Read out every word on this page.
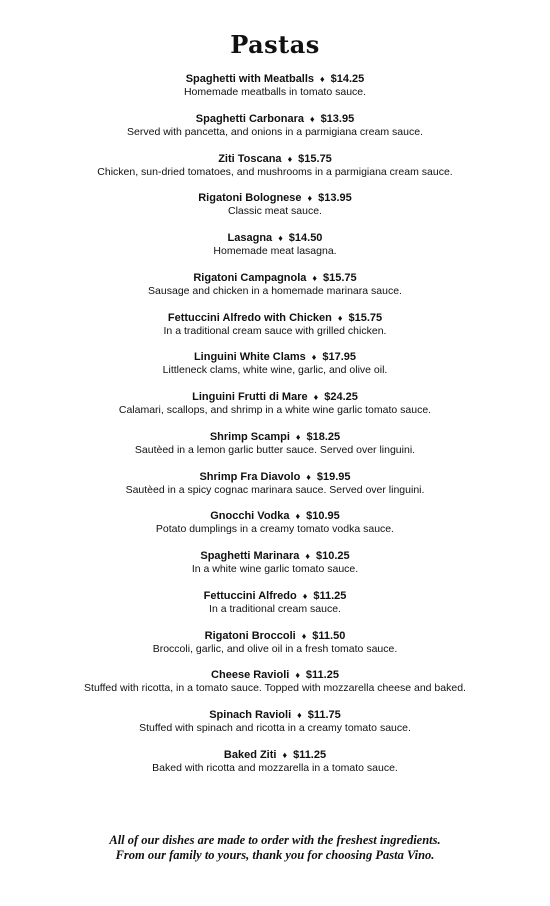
Pastas
Spaghetti with Meatballs ♦ $14.25
Homemade meatballs in tomato sauce.
Spaghetti Carbonara ♦ $13.95
Served with pancetta, and onions in a parmigiana cream sauce.
Ziti Toscana ♦ $15.75
Chicken, sun-dried tomatoes, and mushrooms in a parmigiana cream sauce.
Rigatoni Bolognese ♦ $13.95
Classic meat sauce.
Lasagna ♦ $14.50
Homemade meat lasagna.
Rigatoni Campagnola ♦ $15.75
Sausage and chicken in a homemade marinara sauce.
Fettuccini Alfredo with Chicken ♦ $15.75
In a traditional cream sauce with grilled chicken.
Linguini White Clams ♦ $17.95
Littleneck clams, white wine, garlic, and olive oil.
Linguini Frutti di Mare ♦ $24.25
Calamari, scallops, and shrimp in a white wine garlic tomato sauce.
Shrimp Scampi ♦ $18.25
Sautèed in a lemon garlic butter sauce. Served over linguini.
Shrimp Fra Diavolo ♦ $19.95
Sautèed in a spicy cognac marinara sauce. Served over linguini.
Gnocchi Vodka ♦ $10.95
Potato dumplings in a creamy tomato vodka sauce.
Spaghetti Marinara ♦ $10.25
In a white wine garlic tomato sauce.
Fettuccini Alfredo ♦ $11.25
In a traditional cream sauce.
Rigatoni Broccoli ♦ $11.50
Broccoli, garlic, and olive oil in a fresh tomato sauce.
Cheese Ravioli ♦ $11.25
Stuffed with ricotta, in a tomato sauce. Topped with mozzarella cheese and baked.
Spinach Ravioli ♦ $11.75
Stuffed with spinach and ricotta in a creamy tomato sauce.
Baked Ziti ♦ $11.25
Baked with ricotta and mozzarella in a tomato sauce.
All of our dishes are made to order with the freshest ingredients.
From our family to yours, thank you for choosing Pasta Vino.
